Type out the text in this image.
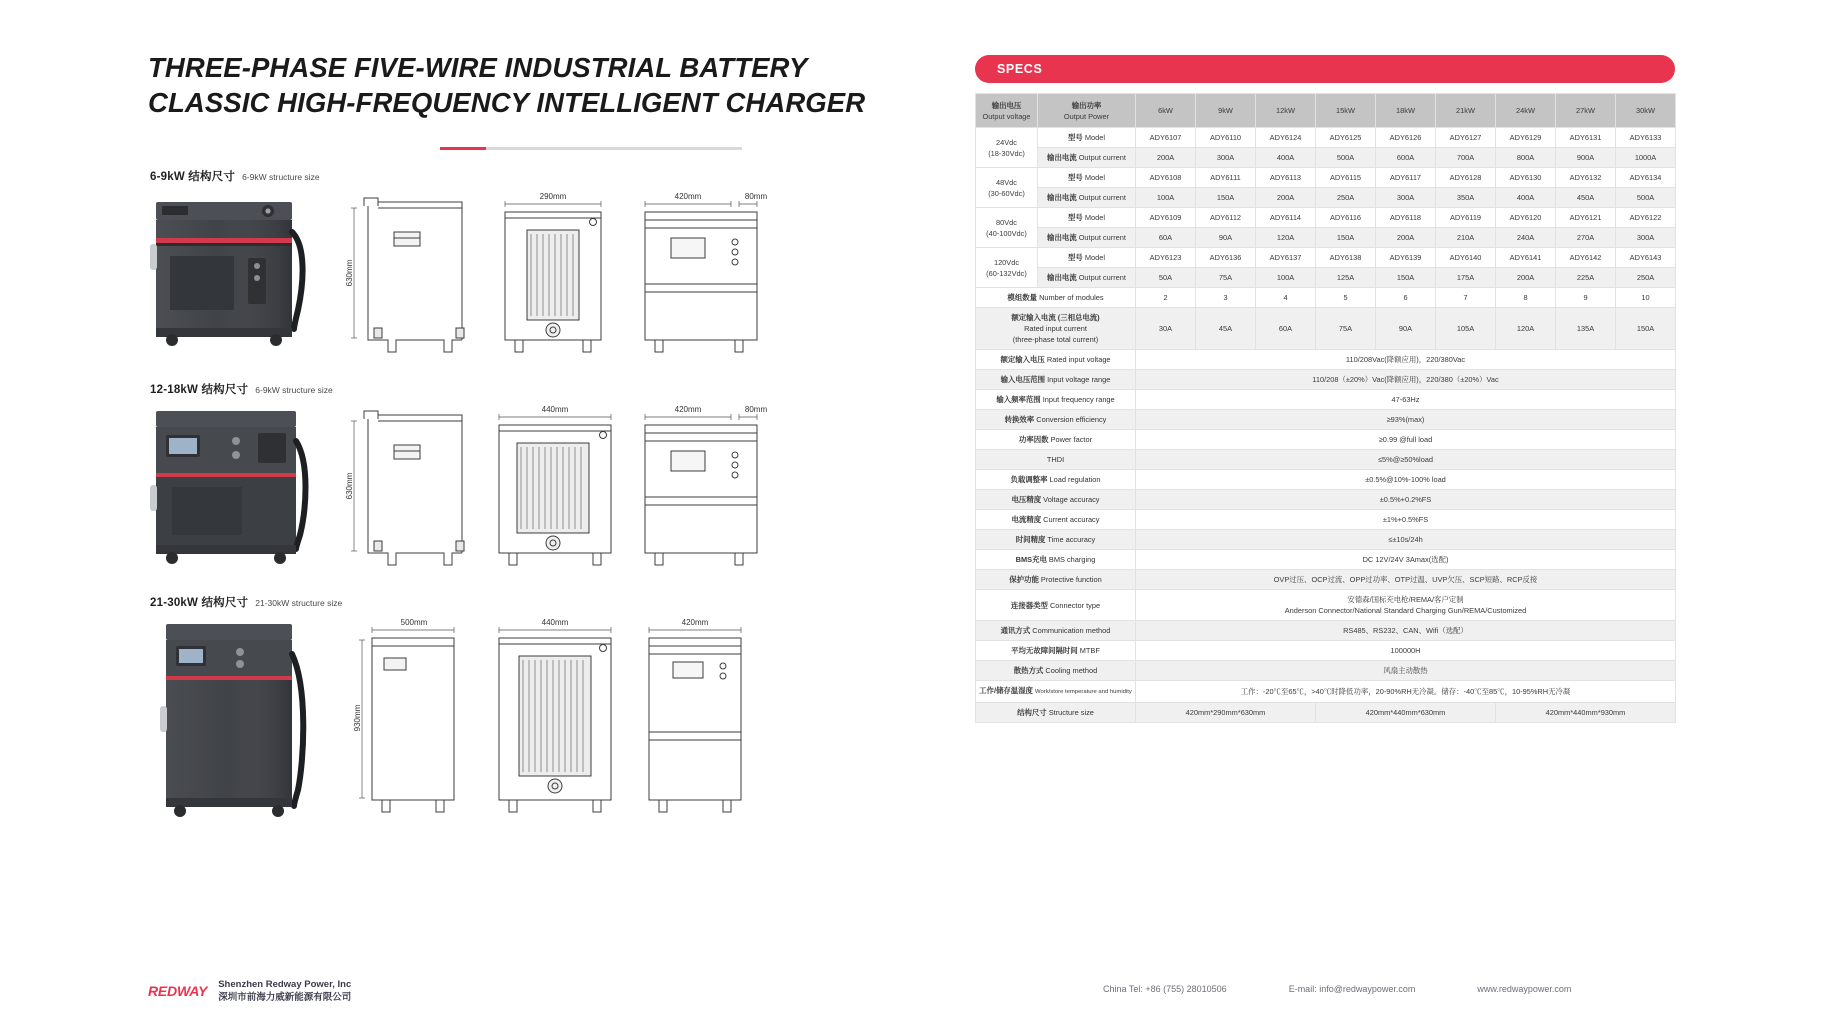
THREE-PHASE FIVE-WIRE INDUSTRIAL BATTERY
CLASSIC HIGH-FREQUENCY INTELLIGENT CHARGER
6-9kW 结构尺寸 6-9kW structure size
630mm
290mm	420mm	80mm
12-18kW 结构尺寸 6-9kW structure size
630mm
440mm	420mm	80mm
21-30kW 结构尺寸 21-30kW structure size
500mm
930mm
440mm	420mm
SPECS
输出电压
Output voltage	输出功率
Output Power	6kW	9kW	12kW	15kW	18kW	21kW	24kW	27kW	30kW

24Vdc
(18-30Vdc)	型号 Model	ADY6107	ADY6110	ADY6124	ADY6125	ADY6126	ADY6127	ADY6129	ADY6131	ADY6133
	输出电流 Output current	200A	300A	400A	500A	600A	700A	800A	900A	1000A

48Vdc
(30-60Vdc)	型号 Model	ADY6108	ADY6111	ADY6113	ADY6115	ADY6117	ADY6128	ADY6130	ADY6132	ADY6134
	输出电流 Output current	100A	150A	200A	250A	300A	350A	400A	450A	500A

80Vdc
(40-100Vdc)	型号 Model	ADY6109	ADY6112	ADY6114	ADY6116	ADY6118	ADY6119	ADY6120	ADY6121	ADY6122
	输出电流 Output current	60A	90A	120A	150A	200A	210A	240A	270A	300A

120Vdc
(60-132Vdc)	型号 Model	ADY6123	ADY6136	ADY6137	ADY6138	ADY6139	ADY6140	ADY6141	ADY6142	ADY6143
	输出电流 Output current	50A	75A	100A	125A	150A	175A	200A	225A	250A
模组数量 Number of modules		2	3	4	5	6	7	8	9	10

额定输入电流 (三相总电流)
Rated input current
(three-phase total current)		30A	45A	60A	75A	90A	105A	120A	135A	150A
额定输入电压 Rated input voltage		110/208Vac(降额应用)，220/380Vac								
输入电压范围 Input voltage range		110/208（±20%）Vac(降额应用)，220/380（±20%）Vac								
输入频率范围 Input frequency range		47-63Hz								
转换效率 Conversion efficiency		≥93%(max)								
功率因数 Power factor		≥0.99 @full load								
THDI		≤5%@≥50%load								
负载调整率 Load regulation		±0.5%@10%-100% load								
电压精度 Voltage accuracy		±0.5%+0.2%FS								
电流精度 Current accuracy		±1%+0.5%FS								
时间精度 Time accuracy		≤±10s/24h								
BMS充电 BMS charging		DC 12V/24V 3Amax(选配)								
保护功能 Protective function		OVP过压、OCP过流、OPP过功率、OTP过温、UVP欠压、SCP短路、RCP反接								
连接器类型 Connector type		安德森/国标充电枪/REMA/客户定制
Anderson Connector/National Standard Charging Gun/REMA/Customized								

通讯方式 Communication method		RS485、RS232、CAN、Wifi（选配）								
平均无故障间隔时间 MTBF		100000H								
散热方式 Cooling method		风扇主动散热								
工作/储存温湿度 Work/store temperature and humidity		工作：-20℃至65℃，>40℃时降低功率，20-90%RH无冷凝。储存：-40℃至85℃，10-95%RH无冷凝								
结构尺寸 Structure size		420mm*290mm*630mm			420mm*440mm*630mm			420mm*440mm*930mm		
REDWAY Shenzhen Redway Power, Inc
深圳市前海力威新能源有限公司
China Tel: +86 (755) 28010506	E-mail: info@redwaypower.com	www.redwaypower.com
